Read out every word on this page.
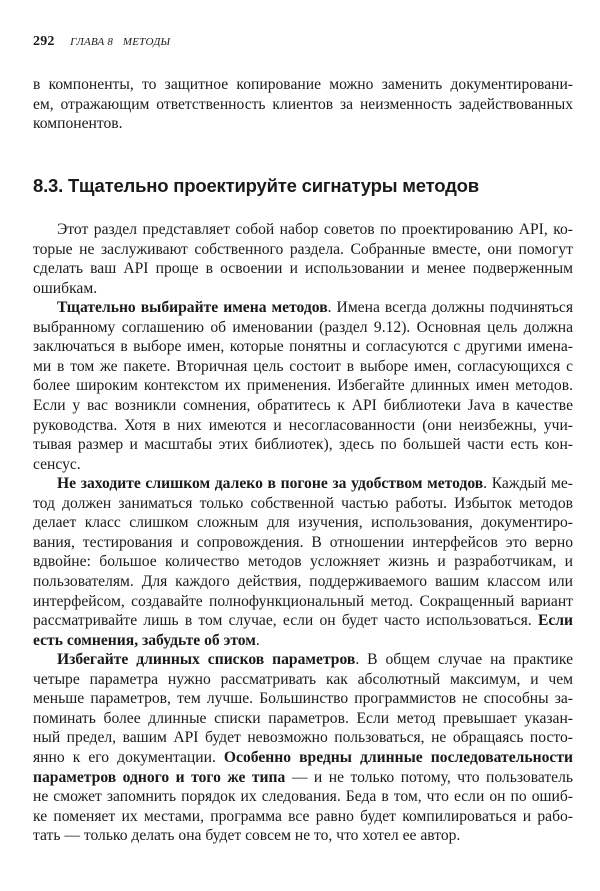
292 ГЛАВА 8 МЕТОДЫ
в компоненты, то защитное копирование можно заменить документировани-
ем, отражающим ответственность клиентов за неизменность задействованных
компонентов.
8.3. Тщательно проектируйте сигнатуры методов
Этот раздел представляет собой набор советов по проектированию API, ко-
торые не заслуживают собственного раздела. Собранные вместе, они помогут
сделать ваш API проще в освоении и использовании и менее подверженным
ошибкам.
Тщательно выбирайте имена методов. Имена всегда должны подчиняться
выбранному соглашению об именовании (раздел 9.12). Основная цель должна
заключаться в выборе имен, которые понятны и согласуются с другими имена-
ми в том же пакете. Вторичная цель состоит в выборе имен, согласующихся с
более широким контекстом их применения. Избегайте длинных имен методов.
Если у вас возникли сомнения, обратитесь к API библиотеки Java в качестве
руководства. Хотя в них имеются и несогласованности (они неизбежны, учи-
тывая размер и масштабы этих библиотек), здесь по большей части есть кон-
сенсус.
Не заходите слишком далеко в погоне за удобством методов. Каждый ме-
тод должен заниматься только собственной частью работы. Избыток методов
делает класс слишком сложным для изучения, использования, документиро-
вания, тестирования и сопровождения. В отношении интерфейсов это верно
вдвойне: большое количество методов усложняет жизнь и разработчикам, и
пользователям. Для каждого действия, поддерживаемого вашим классом или
интерфейсом, создавайте полнофункциональный метод. Сокращенный вариант
рассматривайте лишь в том случае, если он будет часто использоваться. Если
есть сомнения, забудьте об этом.
Избегайте длинных списков параметров. В общем случае на практике
четыре параметра нужно рассматривать как абсолютный максимум, и чем
меньше параметров, тем лучше. Большинство программистов не способны за-
поминать более длинные списки параметров. Если метод превышает указан-
ный предел, вашим API будет невозможно пользоваться, не обращаясь посто-
янно к его документации. Особенно вредны длинные последовательности
параметров одного и того же типа — и не только потому, что пользователь
не сможет запомнить порядок их следования. Беда в том, что если он по ошиб-
ке поменяет их местами, программа все равно будет компилироваться и рабо-
тать — только делать она будет совсем не то, что хотел ее автор.
